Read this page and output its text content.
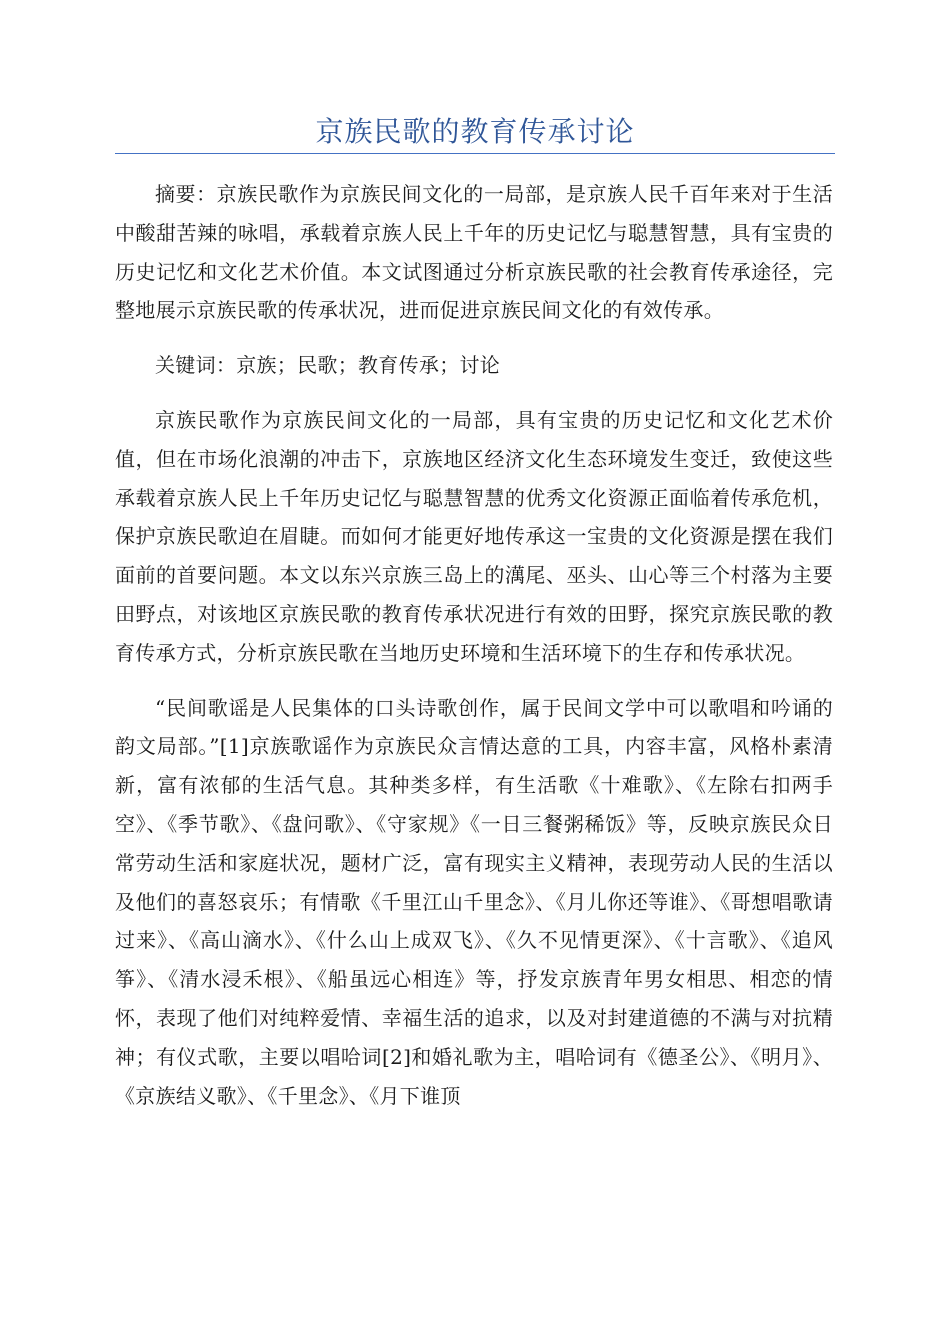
京族民歌的教育传承讨论

摘要：京族民歌作为京族民间文化的一局部，是京族人民千百年来对于生活中酸甜苦辣的咏唱，承载着京族人民上千年的历史记忆与聪慧智慧，具有宝贵的历史记忆和文化艺术价值。本文试图通过分析京族民歌的社会教育传承途径，完整地展示京族民歌的传承状况，进而促进京族民间文化的有效传承。

关键词：京族；民歌；教育传承；讨论

京族民歌作为京族民间文化的一局部，具有宝贵的历史记忆和文化艺术价值，但在市场化浪潮的冲击下，京族地区经济文化生态环境发生变迁，致使这些承载着京族人民上千年历史记忆与聪慧智慧的优秀文化资源正面临着传承危机，保护京族民歌迫在眉睫。而如何才能更好地传承这一宝贵的文化资源是摆在我们面前的首要问题。本文以东兴京族三岛上的澫尾、巫头、山心等三个村落为主要田野点，对该地区京族民歌的教育传承状况进行有效的田野，探究京族民歌的教育传承方式，分析京族民歌在当地历史环境和生活环境下的生存和传承状况。

“民间歌谣是人民集体的口头诗歌创作，属于民间文学中可以歌唱和吟诵的韵文局部。”[1]京族歌谣作为京族民众言情达意的工具，内容丰富，风格朴素清新，富有浓郁的生活气息。其种类多样，有生活歌《十难歌》、《左除右扣两手空》、《季节歌》、《盘问歌》、《守家规》《一日三餐粥稀饭》等，反映京族民众日常劳动生活和家庭状况，题材广泛，富有现实主义精神，表现劳动人民的生活以及他们的喜怒哀乐；有情歌《千里江山千里念》、《月儿你还等谁》、《哥想唱歌请过来》、《高山滴水》、《什么山上成双飞》、《久不见情更深》、《十言歌》、《追风筝》、《清水浸禾根》、《船虽远心相连》等，抒发京族青年男女相思、相恋的情怀，表现了他们对纯粹爱情、幸福生活的追求，以及对封建道德的不满与对抗精神；有仪式歌，主要以唱哈词[2]和婚礼歌为主，唱哈词有《德圣公》、《明月》、《京族结义歌》、《千里念》、《月下谁顶
